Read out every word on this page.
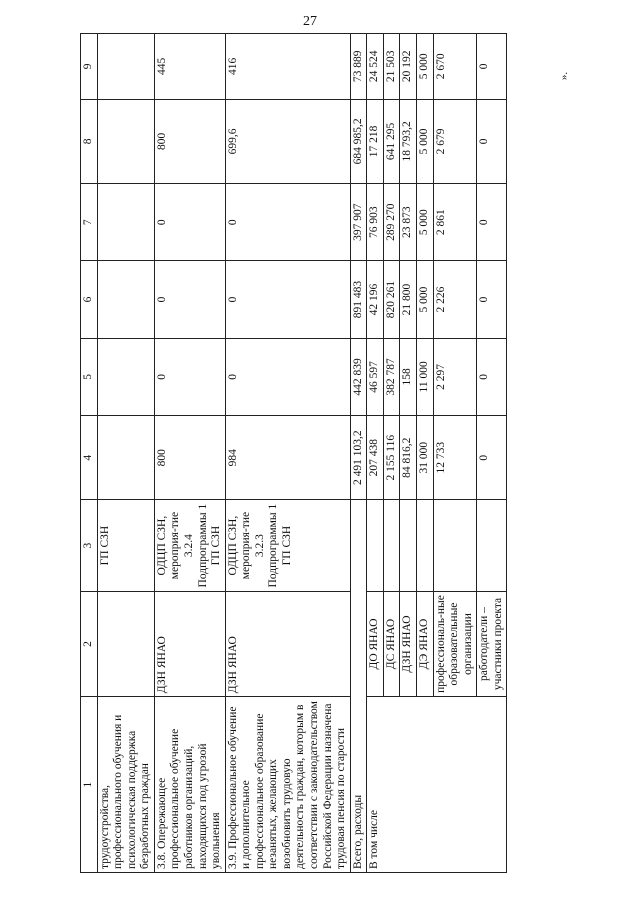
27
1	2	3	4	5	6	7	8	9
трудоустройства, профессионального обучения и психологическая поддержка безработных граждан		ГП СЗН						
3.8. Опережающее профессиональное обучение работников организаций, находящихся под угрозой увольнения	ДЗН ЯНАО	ОДЦП СЗН, мероприя-тие 3.2.4 Подпрограммы 1 ГП СЗН	800	0	0	0	800	445
3.9. Профессиональное обучение и дополнительное профессиональное образование незанятых, желающих возобновить трудовую деятельность граждан, которым в соответствии с законодательством Российской Федерации назначена трудовая пенсия по старости	ДЗН ЯНАО	ОДЦП СЗН, мероприя-тие 3.2.3 Подпрограммы 1 ГП СЗН	984	0	0	0	699,6	416
Всего, расходы			2 491 103,2	442 839	891 483	397 907	684 985,2	73 889
В том числе	ДО ЯНАО		207 438	46 597	42 196	76 903	17 218	24 524
	ДС ЯНАО		2 155 116	382 787	820 261	289 270	641 295	21 503
	ДЗН ЯНАО		84 816,2	158	21 800	23 873	18 793,2	20 192
	ДЭ ЯНАО		31 000	11 000	5 000	5 000	5 000	5 000
	профессиональ-ные образовательные организации		12 733	2 297	2 226	2 861	2 679	2 670
	работодатели – участники проекта		0	0	0	0	0	0
».
